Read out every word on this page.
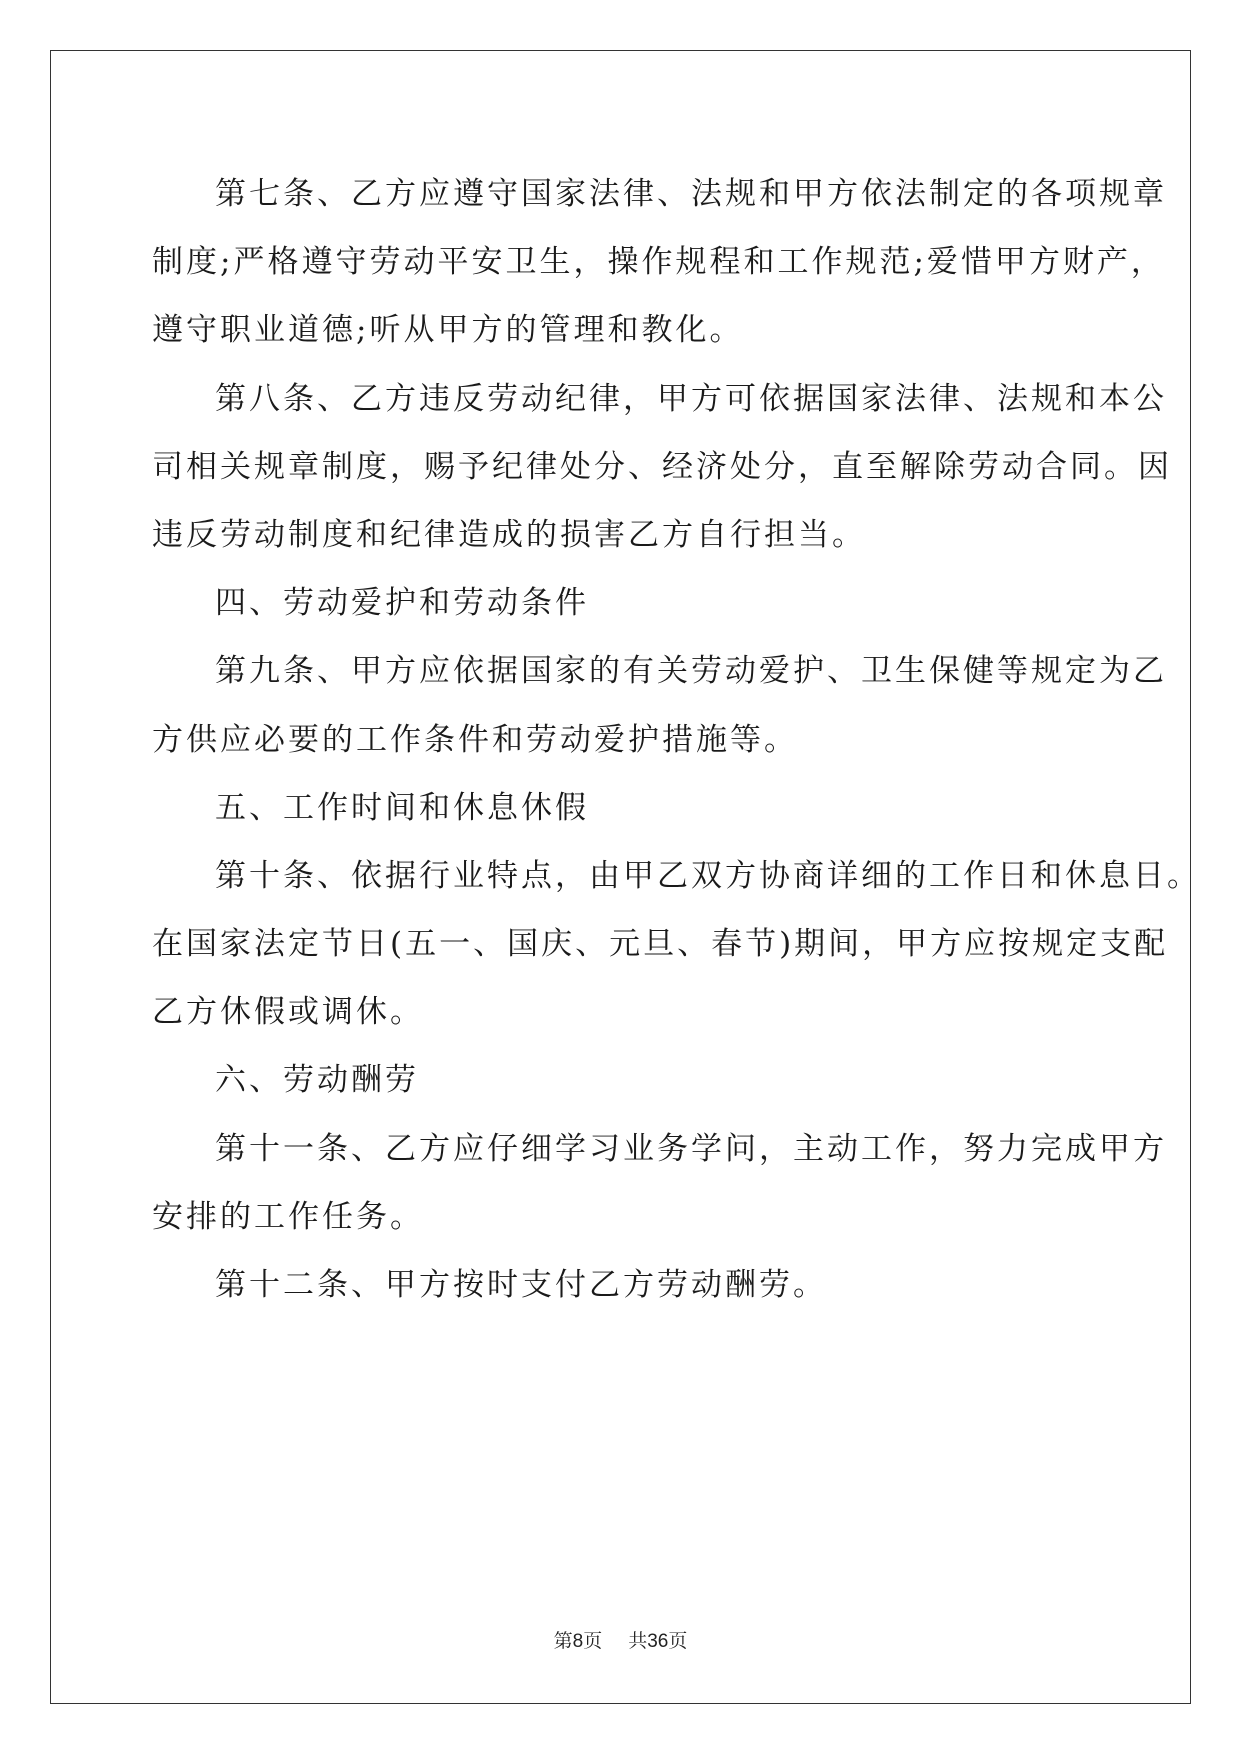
第七条、乙方应遵守国家法律、法规和甲方依法制定的各项规章
制度;严格遵守劳动平安卫生，操作规程和工作规范;爱惜甲方财产，
遵守职业道德;听从甲方的管理和教化。
第八条、乙方违反劳动纪律，甲方可依据国家法律、法规和本公
司相关规章制度，赐予纪律处分、经济处分，直至解除劳动合同。因
违反劳动制度和纪律造成的损害乙方自行担当。
四、劳动爱护和劳动条件
第九条、甲方应依据国家的有关劳动爱护、卫生保健等规定为乙
方供应必要的工作条件和劳动爱护措施等。
五、工作时间和休息休假
第十条、依据行业特点，由甲乙双方协商详细的工作日和休息日。
在国家法定节日(五一、国庆、元旦、春节)期间，甲方应按规定支配
乙方休假或调休。
六、劳动酬劳
第十一条、乙方应仔细学习业务学问，主动工作，努力完成甲方
安排的工作任务。
第十二条、甲方按时支付乙方劳动酬劳。
第8页 共36页
